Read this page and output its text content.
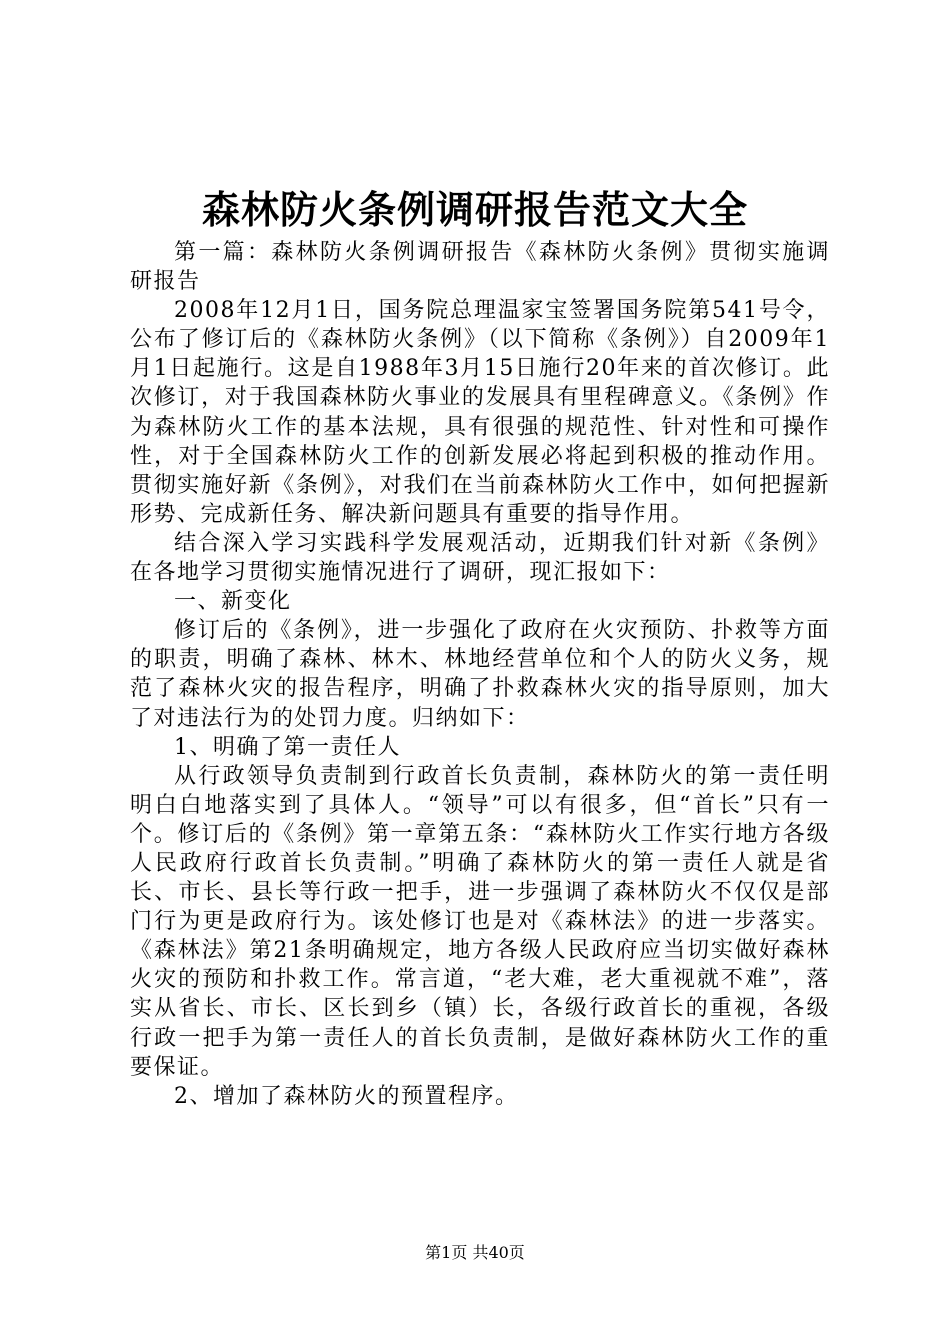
森林防火条例调研报告范文大全

第一篇：森林防火条例调研报告《森林防火条例》贯彻实施调研报告

2008年12月1日，国务院总理温家宝签署国务院第541号令，公布了修订后的《森林防火条例》（以下简称《条例》）自2009年1月1日起施行。这是自1988年3月15日施行20年来的首次修订。此次修订，对于我国森林防火事业的发展具有里程碑意义。《条例》作为森林防火工作的基本法规，具有很强的规范性、针对性和可操作性，对于全国森林防火工作的创新发展必将起到积极的推动作用。贯彻实施好新《条例》，对我们在当前森林防火工作中，如何把握新形势、完成新任务、解决新问题具有重要的指导作用。

结合深入学习实践科学发展观活动，近期我们针对新《条例》在各地学习贯彻实施情况进行了调研，现汇报如下：

一、新变化

修订后的《条例》，进一步强化了政府在火灾预防、扑救等方面的职责，明确了森林、林木、林地经营单位和个人的防火义务，规范了森林火灾的报告程序，明确了扑救森林火灾的指导原则，加大了对违法行为的处罚力度。归纳如下：

1、明确了第一责任人

从行政领导负责制到行政首长负责制，森林防火的第一责任明明白白地落实到了具体人。“领导”可以有很多，但“首长”只有一个。修订后的《条例》第一章第五条：“森林防火工作实行地方各级人民政府行政首长负责制。”明确了森林防火的第一责任人就是省长、市长、县长等行政一把手，进一步强调了森林防火不仅仅是部门行为更是政府行为。该处修订也是对《森林法》的进一步落实。《森林法》第21条明确规定，地方各级人民政府应当切实做好森林火灾的预防和扑救工作。常言道，“老大难，老大重视就不难”，落实从省长、市长、区长到乡（镇）长，各级行政首长的重视，各级行政一把手为第一责任人的首长负责制，是做好森林防火工作的重要保证。

2、增加了森林防火的预置程序。

第1页 共40页
